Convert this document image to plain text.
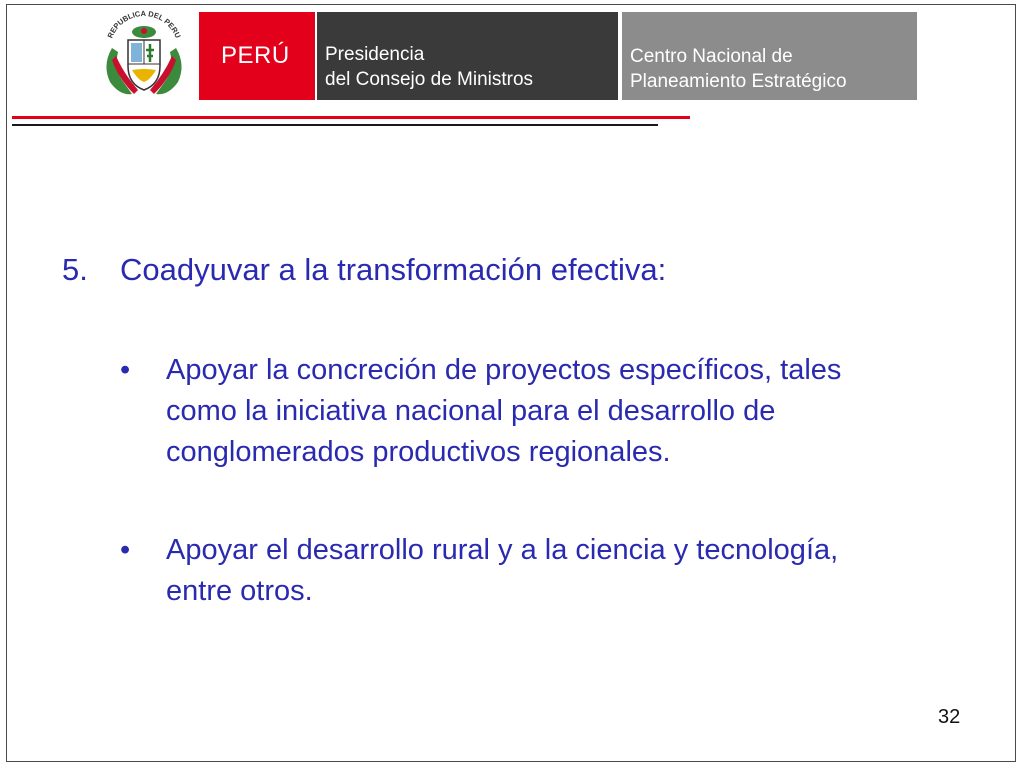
REPUBLICA DEL PERU
PERÚ Presidencia
del Consejo de Ministros
Centro Nacional de
Planeamiento Estratégico
5. Coadyuvar a la transformación efectiva:
•	Apoyar la concreción de proyectos específicos, tales
como la iniciativa nacional para el desarrollo de
conglomerados productivos regionales.
•	Apoyar el desarrollo rural y a la ciencia y tecnología,
entre otros.
32
